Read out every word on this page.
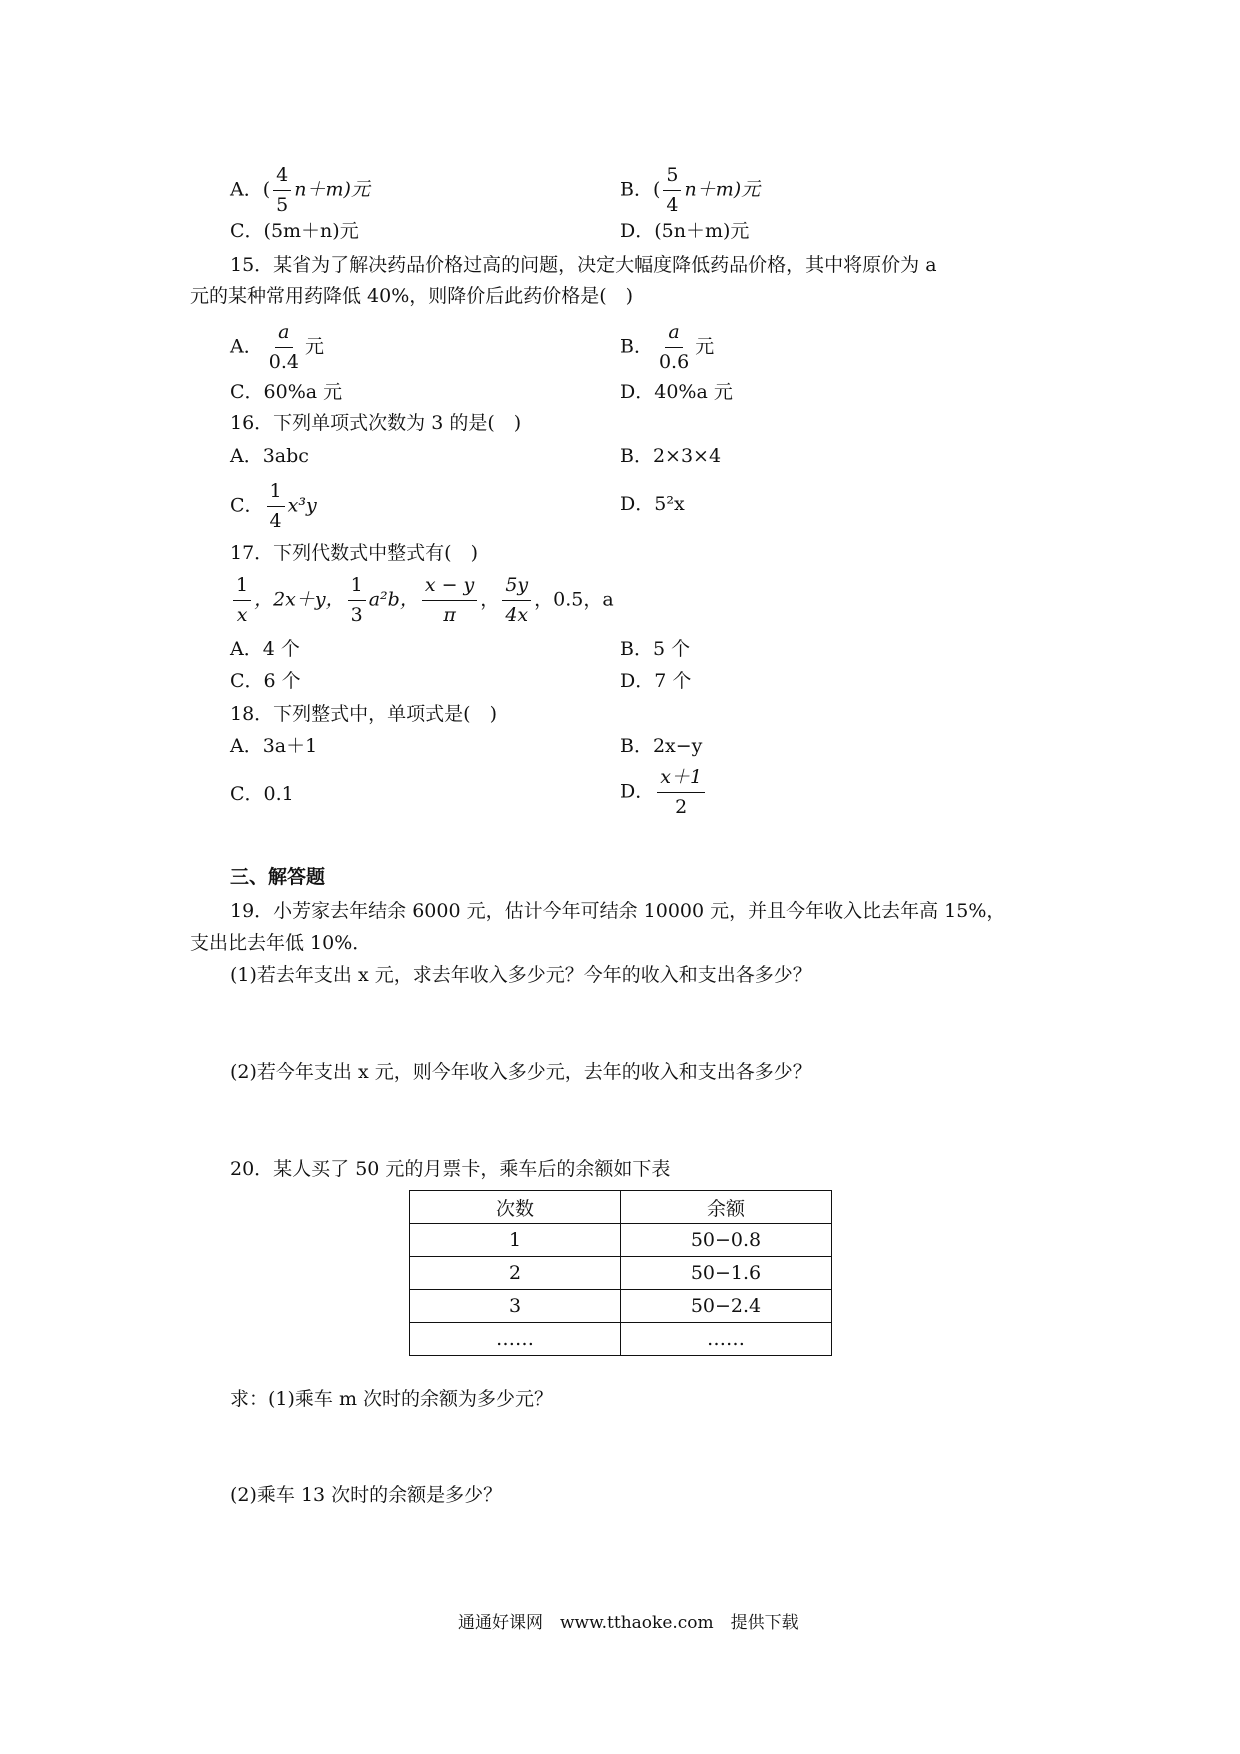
A．( $\frac{4}{5} n+m$)元	B．( $\frac{5}{4} n+m$)元
C．(5m＋n)元	D．(5n＋m)元
15．某省为了解决药品价格过高的问题，决定大幅度降低药品价格，其中将原价为 a
元的某种常用药降低 40%，则降价后此药价格是(　)
A． $\frac{a}{0.4}$ 元	B． $\frac{a}{0.6}$ 元
C．60%a 元	D．40%a 元
16．下列单项式次数为 3 的是(　)
A．3abc	B．2×3×4
C． $\frac{1}{4} x^3y$	D．5²x
17．下列代数式中整式有(　)
$\frac{1}{x}$ ，2x＋y， $\frac{1}{3} a^2b$， $\frac{x - y}{\pi}$ ， $\frac{5y}{4x}$ ，0.5，a
A．4 个	B．5 个
C．6 个	D．7 个
18．下列整式中，单项式是(　)
A．3a＋1	B．2x−y
C．0.1	D． $\frac{x+1}{2}$
三、解答题
19．小芳家去年结余 6000 元，估计今年可结余 10000 元，并且今年收入比去年高 15%，
支出比去年低 10%．
(1)若去年支出 x 元，求去年收入多少元？今年的收入和支出各多少？
(2)若今年支出 x 元，则今年收入多少元，去年的收入和支出各多少？
20．某人买了 50 元的月票卡，乘车后的余额如下表
次数	余额
1	50−0.8
2	50−1.6
3	50−2.4
……	……
求：(1)乘车 m 次时的余额为多少元？
(2)乘车 13 次时的余额是多少？
通通好课网　www.tthaoke.com　提供下载
